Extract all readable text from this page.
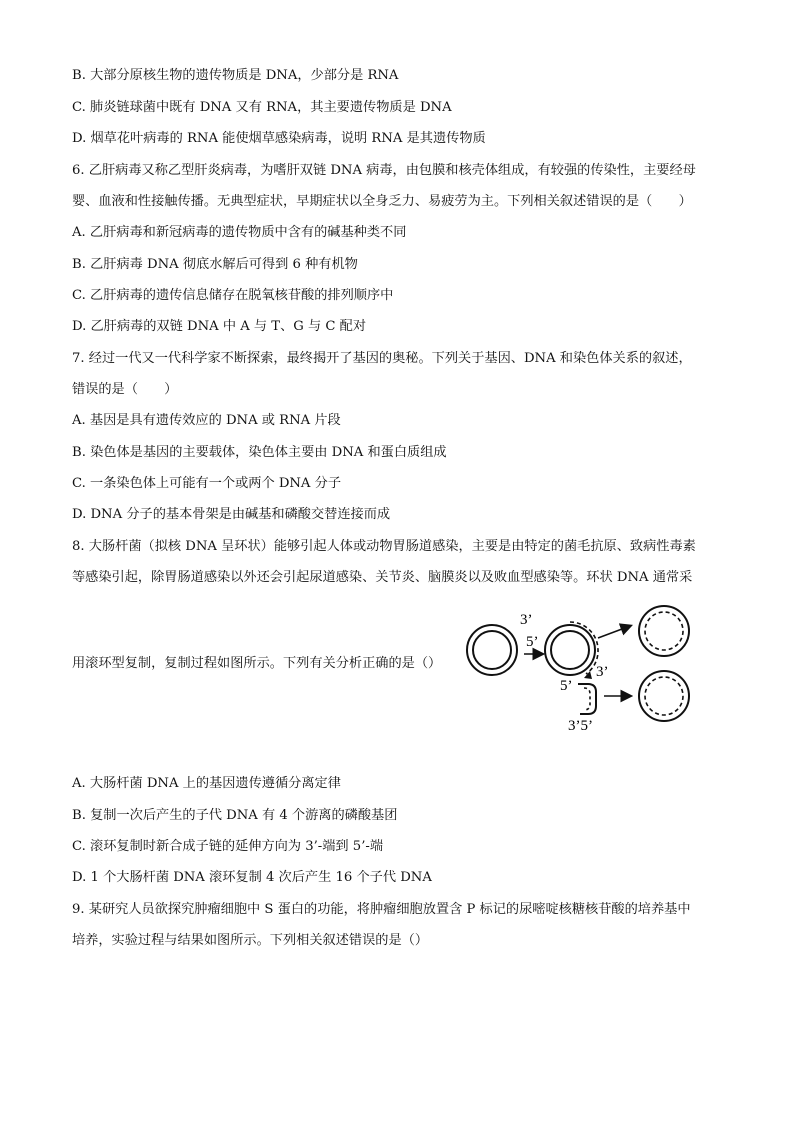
B. 大部分原核生物的遗传物质是 DNA，少部分是 RNA
C. 肺炎链球菌中既有 DNA 又有 RNA，其主要遗传物质是 DNA
D. 烟草花叶病毒的 RNA 能使烟草感染病毒，说明 RNA 是其遗传物质
6. 乙肝病毒又称乙型肝炎病毒，为嗜肝双链 DNA 病毒，由包膜和核壳体组成，有较强的传染性，主要经母
婴、血液和性接触传播。无典型症状，早期症状以全身乏力、易疲劳为主。下列相关叙述错误的是（　　）
A. 乙肝病毒和新冠病毒的遗传物质中含有的碱基种类不同
B. 乙肝病毒 DNA 彻底水解后可得到 6 种有机物
C. 乙肝病毒的遗传信息储存在脱氧核苷酸的排列顺序中
D. 乙肝病毒的双链 DNA 中 A 与 T、G 与 C 配对
7. 经过一代又一代科学家不断探索，最终揭开了基因的奥秘。下列关于基因、DNA 和染色体关系的叙述，
错误的是（　　）
A. 基因是具有遗传效应的 DNA 或 RNA 片段
B. 染色体是基因的主要载体，染色体主要由 DNA 和蛋白质组成
C. 一条染色体上可能有一个或两个 DNA 分子
D. DNA 分子的基本骨架是由碱基和磷酸交替连接而成
8. 大肠杆菌（拟核 DNA 呈环状）能够引起人体或动物胃肠道感染，主要是由特定的菌毛抗原、致病性毒素
等感染引起，除胃肠道感染以外还会引起尿道感染、关节炎、脑膜炎以及败血型感染等。环状 DNA 通常采
用滚环型复制，复制过程如图所示。下列有关分析正确的是（）
3’
5’
3’
5’
3’5’
A. 大肠杆菌 DNA 上的基因遗传遵循分离定律
B. 复制一次后产生的子代 DNA 有 4 个游离的磷酸基团
C. 滚环复制时新合成子链的延伸方向为 3’-端到 5’-端
D. 1 个大肠杆菌 DNA 滚环复制 4 次后产生 16 个子代 DNA
9. 某研究人员欲探究肿瘤细胞中 S 蛋白的功能，将肿瘤细胞放置含 P 标记的尿嘧啶核糖核苷酸的培养基中
培养，实验过程与结果如图所示。下列相关叙述错误的是（）
